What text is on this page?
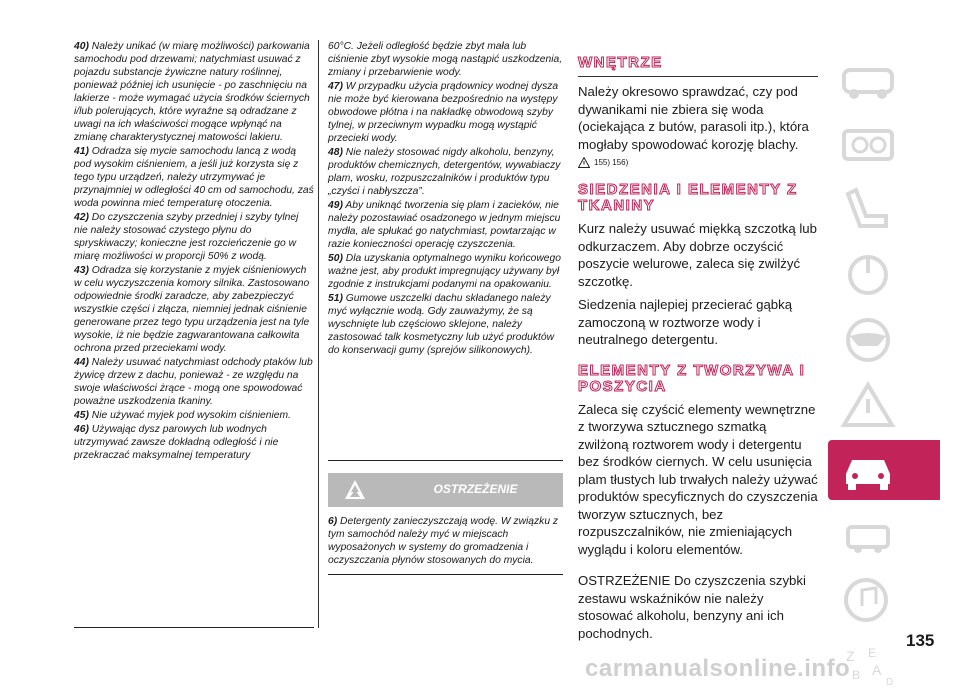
40) Należy unikać (w miarę możliwości) parkowania samochodu pod drzewami; natychmiast usuwać z pojazdu substancje żywiczne natury roślinnej, ponieważ później ich usunięcie - po zaschnięciu na lakierze - może wymagać użycia środków ściernych i/lub polerujących, które wyraźne są odradzane z uwagi na ich właściwości mogące wpłynąć na zmianę charakterystycznej matowości lakieru.

41) Odradza się mycie samochodu lancą z wodą pod wysokim ciśnieniem, a jeśli już korzysta się z tego typu urządzeń, należy utrzymywać je przynajmniej w odległości 40 cm od samochodu, zaś woda powinna mieć temperaturę otoczenia.

42) Do czyszczenia szyby przedniej i szyby tylnej nie należy stosować czystego płynu do spryskiwaczy; konieczne jest rozcieńczenie go w miarę możliwości w proporcji 50% z wodą.

43) Odradza się korzystanie z myjek ciśnieniowych w celu wyczyszczenia komory silnika. Zastosowano odpowiednie środki zaradcze, aby zabezpieczyć wszystkie części i złącza, niemniej jednak ciśnienie generowane przez tego typu urządzenia jest na tyle wysokie, iż nie będzie zagwarantowana całkowita ochrona przed przeciekami wody.

44) Należy usuwać natychmiast odchody ptaków lub żywicę drzew z dachu, ponieważ - ze względu na swoje właściwości żrące - mogą one spowodować poważne uszkodzenia tkaniny.

45) Nie używać myjek pod wysokim ciśnieniem.

46) Używając dysz parowych lub wodnych utrzymywać zawsze dokładną odległość i nie przekraczać maksymalnej temperatury

60°C. Jeżeli odległość będzie zbyt mała lub ciśnienie zbyt wysokie mogą nastąpić uszkodzenia, zmiany i przebarwienie wody.

47) W przypadku użycia prądownicy wodnej dysza nie może być kierowana bezpośrednio na występy obwodowe płótna i na nakładkę obwodową szyby tylnej, w przeciwnym wypadku mogą wystąpić przecieki wody.

48) Nie należy stosować nigdy alkoholu, benzyny, produktów chemicznych, detergentów, wywabiaczy plam, wosku, rozpuszczalników i produktów typu „czyści i nabłyszcza”.

49) Aby uniknąć tworzenia się plam i zacieków, nie należy pozostawiać osadzonego w jednym miejscu mydła, ale spłukać go natychmiast, powtarzając w razie konieczności operację czyszczenia.

50) Dla uzyskania optymalnego wyniku końcowego ważne jest, aby produkt impregnujący używany był zgodnie z instrukcjami podanymi na opakowaniu.

51) Gumowe uszczelki dachu składanego należy myć wyłącznie wodą. Gdy zauważymy, że są wyschnięte lub częściowo sklejone, należy zastosować talk kosmetyczny lub użyć produktów do konserwacji gumy (sprejów silikonowych).

OSTRZEŻENIE

6) Detergenty zanieczyszczają wodę. W związku z tym samochód należy myć w miejscach wyposażonych w systemy do gromadzenia i oczyszczania płynów stosowanych do mycia.

WNĘTRZE

Należy okresowo sprawdzać, czy pod dywanikami nie zbiera się woda (ociekająca z butów, parasoli itp.), która mogłaby spowodować korozję blachy.

155) 156)
SIEDZENIA I ELEMENTY Z TKANINY

Kurz należy usuwać miękką szczotką lub odkurzaczem. Aby dobrze oczyścić poszycie welurowe, zaleca się zwilżyć szczotkę.

Siedzenia najlepiej przecierać gąbką zamoczoną w roztworze wody i neutralnego detergentu.

ELEMENTY Z TWORZYWA I POSZYCIA

Zaleca się czyścić elementy wewnętrzne z tworzywa sztucznego szmatką zwilżoną roztworem wody i detergentu bez środków ciernych. W celu usunięcia plam tłustych lub trwałych należy używać produktów specyficznych do czyszczenia tworzyw sztucznych, bez rozpuszczalników, nie zmieniających wyglądu i koloru elementów.

OSTRZEŻENIE Do czyszczenia szybki zestawu wskaźników nie należy stosować alkoholu, benzyny ani ich pochodnych.

Z E
B A
D
135
carmanualsonline.info
